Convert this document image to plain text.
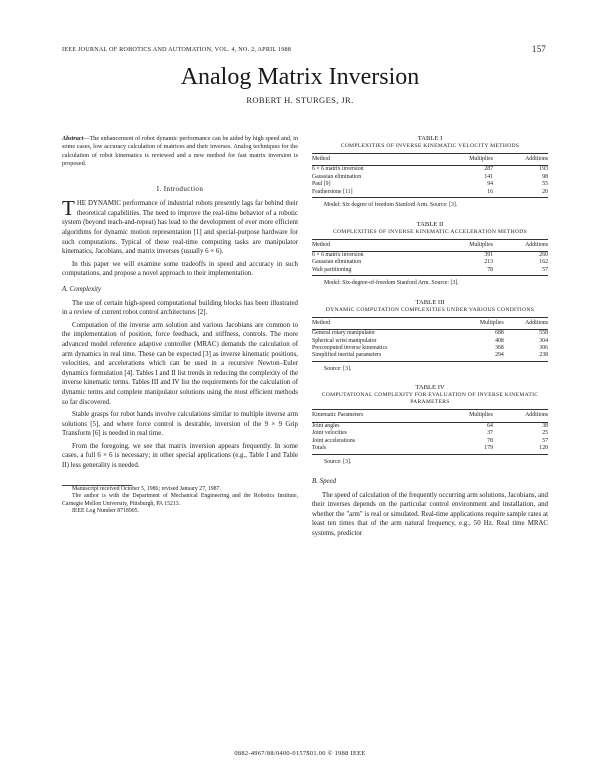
IEEE JOURNAL OF ROBOTICS AND AUTOMATION, VOL. 4, NO. 2, APRIL 1988	157
Analog Matrix Inversion
ROBERT H. STURGES, JR.
Abstract—The enhancement of robot dynamic performance can be aided by high speed and, in some cases, low accuracy calculation of matrices and their inverses. Analog techniques for the calculation of robot kinematics is reviewed and a new method for fast matrix inversion is proposed.
I. Introduction

THE DYNAMIC performance of industrial robots presently lags far behind their theoretical capabilities. The need to improve the real-time behavior of a robotic system (beyond teach-and-repeat) has lead to the development of ever more efficient algorithms for dynamic motion representation [1] and special-purpose hardware for such computations. Typical of these real-time computing tasks are manipulator kinematics, Jacobians, and matrix inverses (usually 6 × 6).

In this paper we will examine some tradeoffs in speed and accuracy in such computations, and propose a novel approach to their implementation.

A. Complexity

The use of certain high-speed computational building blocks has been illustrated in a review of current robot control architectures [2].

Computation of the inverse arm solution and various Jacobians are common to the implementation of position, force feedback, and stiffness, controls. The more advanced model reference adaptive controller (MRAC) demands the calculation of arm dynamics in real time. These can be expected [3] as inverse kinematic positions, velocities, and accelerations which can be used in a recursive Newton–Euler dynamics formulation [4]. Tables I and II list trends in reducing the complexity of the inverse kinematic terms. Tables III and IV list the requirements for the calculation of dynamic terms and complete manipulator solutions using the most efficient methods so far discovered.

Stable grasps for robot hands involve calculations similar to multiple inverse arm solutions [5], and where force control is desirable, inversion of the 9 × 9 Grip Transform [6] is needed in real time.

From the foregoing, we see that matrix inversion appears frequently. In some cases, a full 6 × 6 is necessary; in other special applications (e.g., Table I and Table II) less generality is needed.

Manuscript received October 5, 1986; revised January 27, 1987.
The author is with the Department of Mechanical Engineering and the Robotics Institute, Carnegie Mellon University, Pittsburgh, PA 15213.
IEEE Log Number 8718905.
TABLE I
COMPLEXITIES OF INVERSE KINEMATIC VELOCITY METHODS
Method	Multiplies	Additions
6 × 6 matrix inversion	287	193
Gaussian elimination	141	98
Paul [9]	94	55
Featherstone [11]	16	20
Model: Six degree of freedom Stanford Arm. Source: [3].
TABLE II
COMPLEXITIES OF INVERSE KINEMATIC ACCELERATION METHODS
Method	Multiplies	Additions
6 × 6 matrix inversion	391	260
Gaussian elimination	213	162
Walt partitioning	78	57
Model: Six-degree-of-freedom Stanford Arm. Source: [3].
TABLE III
DYNAMIC COMPUTATION COMPLEXITIES UNDER VARIOUS CONDITIONS
Method	Multiplies	Additions
General rotary manipulator	688	558
Spherical wrist manipulator	408	304
Precomputed inverse kinematics	368	306
Simplified inertial parameters	294	238
Source: [3].
TABLE IV
COMPUTATIONAL COMPLEXITY FOR EVALUATION OF INVERSE KINEMATIC PARAMETERS
Kinematic Parameters	Multiplies	Additions
Joint angles	64	38
Joint velocities	37	25
Joint accelerations	78	57
Totals	179	120
Source: [3].
B. Speed

The speed of calculation of the frequently occurring arm solutions, Jacobians, and their inverses depends on the particular control environment and installation, and whether the "arm" is real or simulated. Real-time applications require sample rates at least ten times that of the arm natural frequency, e.g., 50 Hz. Real time MRAC systems, predictor

0882-4967/88/0400-0157$01.00 © 1988 IEEE
